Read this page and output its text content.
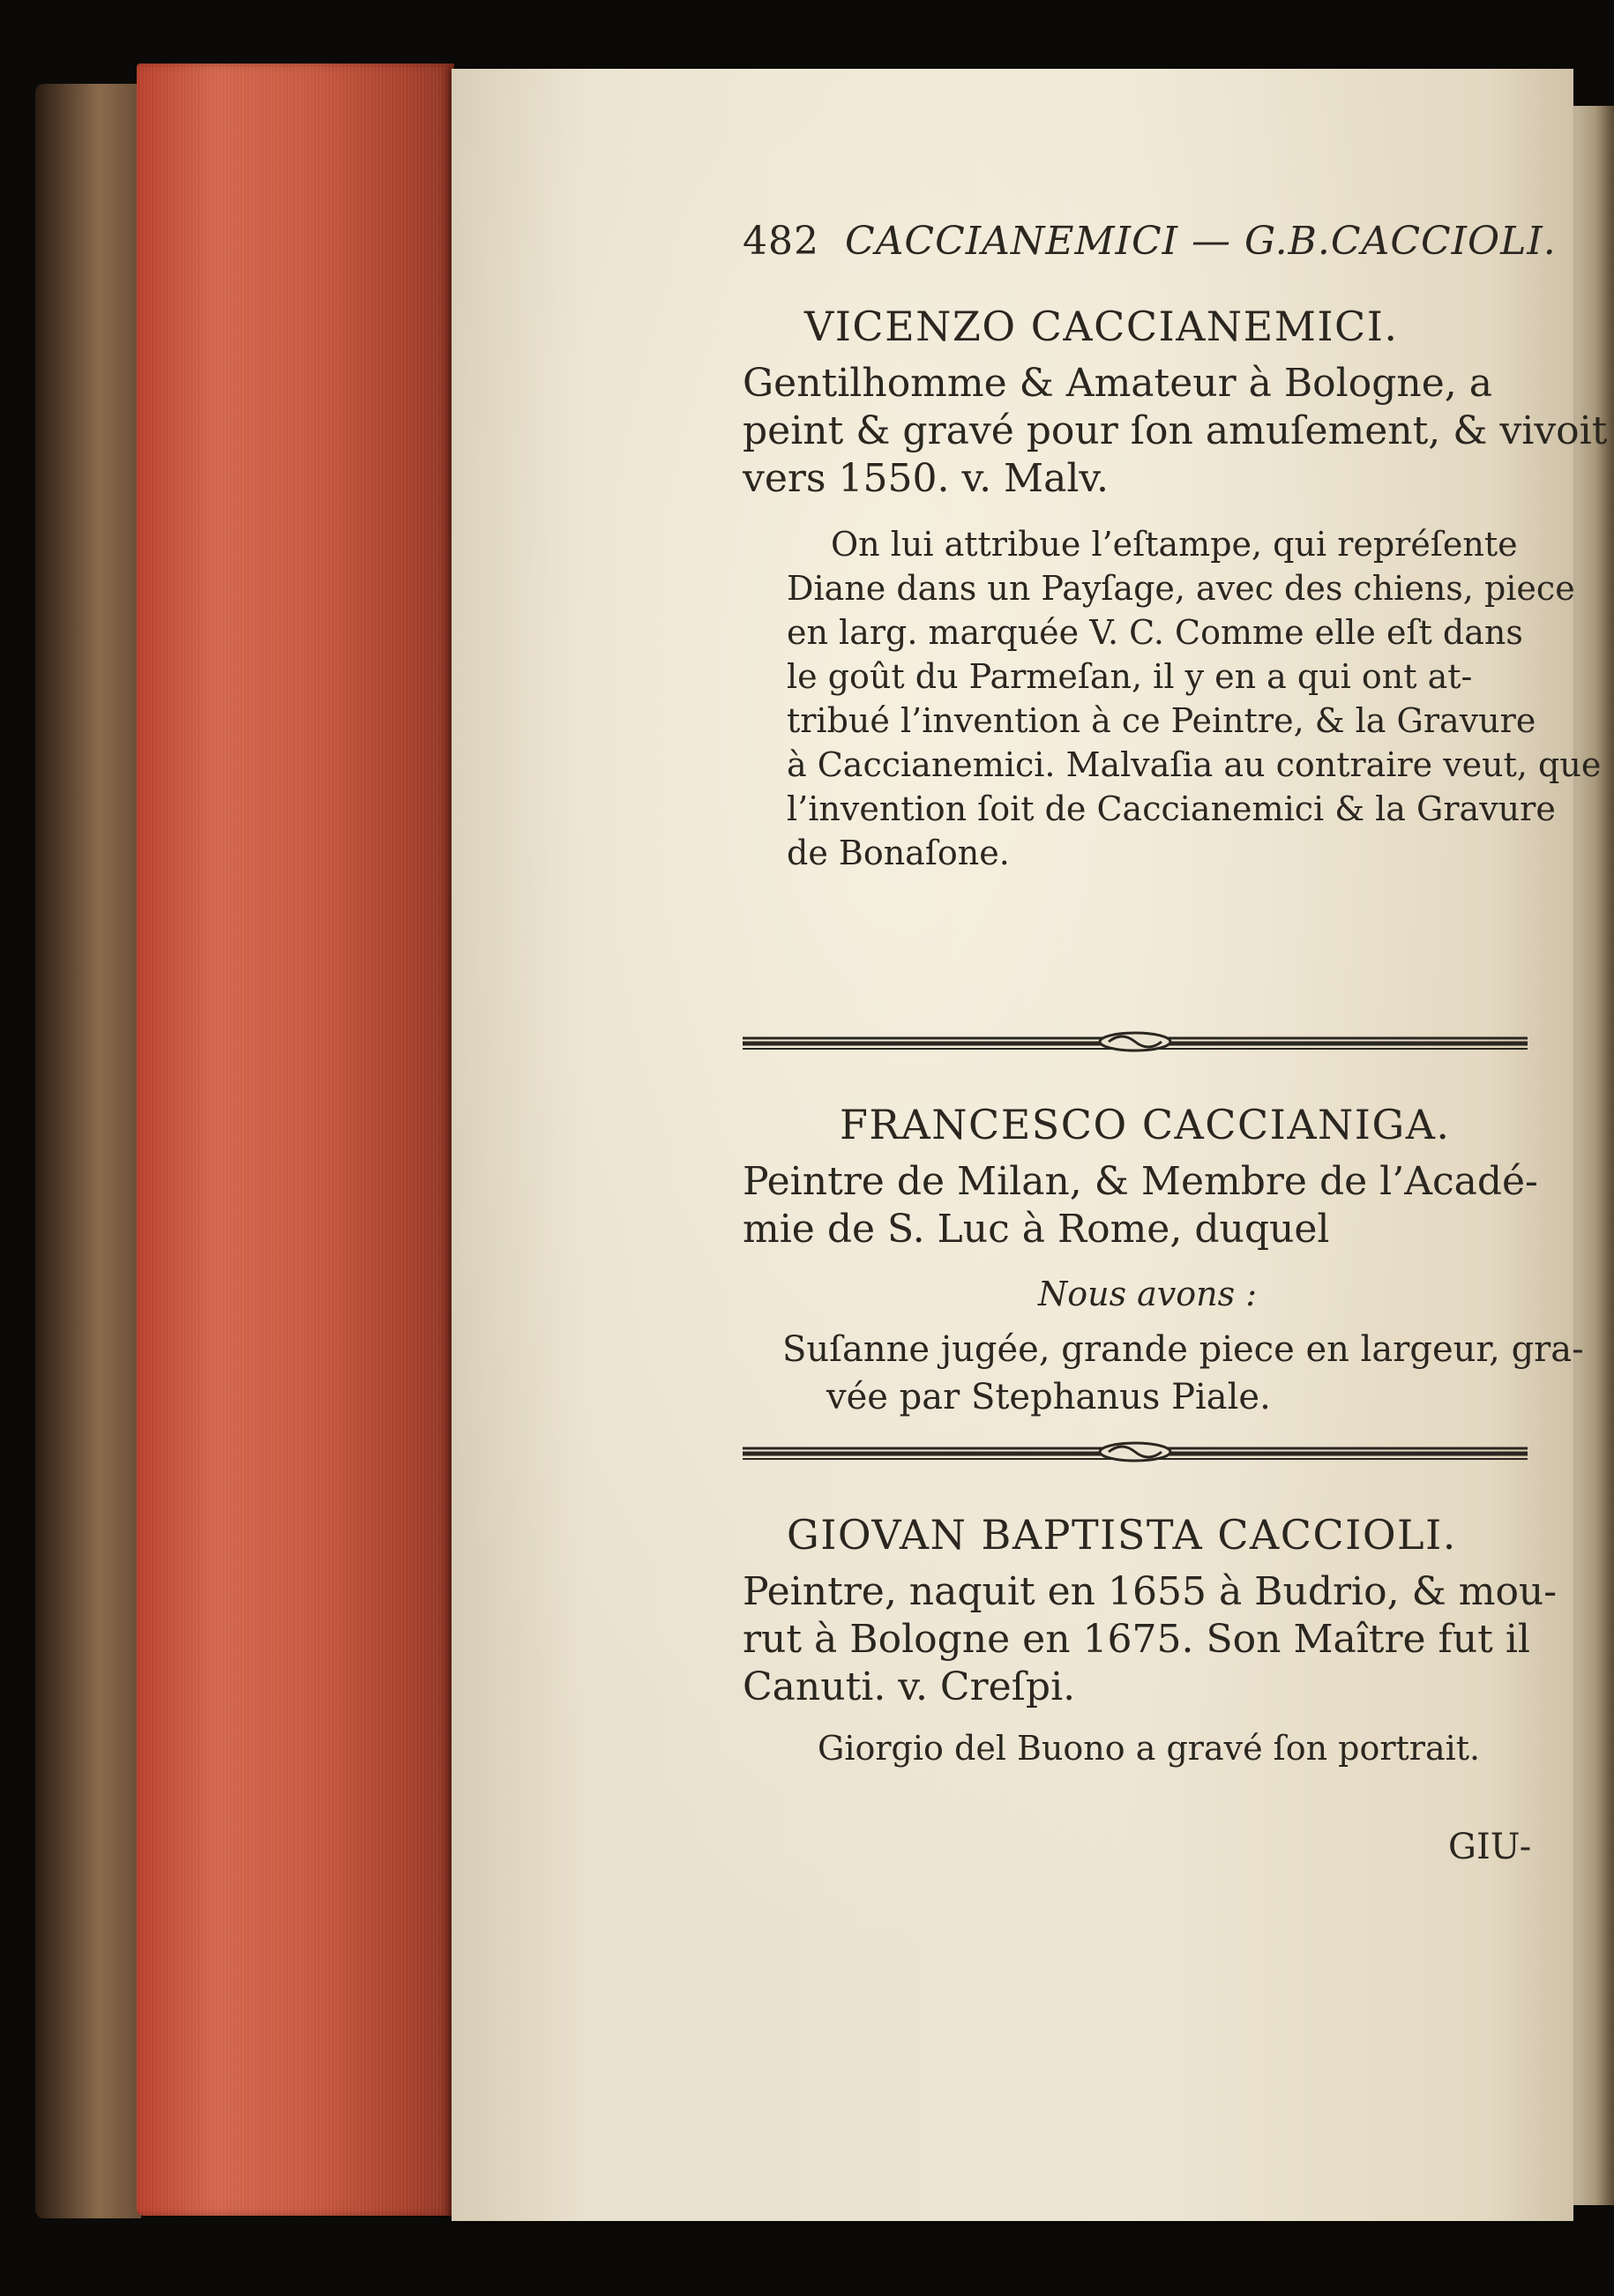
482 CACCIANEMICI — G.B.CACCIOLI.
VICENZO CACCIANEMICI.
Gentilhomme & Amateur à Bologne, a
peint & gravé pour ſon amuſement, & vivoit
vers 1550. v. Malv.
On lui attribue l’eſtampe, qui repréſente
Diane dans un Payſage, avec des chiens, piece
en larg. marquée V. C. Comme elle eſt dans
le goût du Parmeſan, il y en a qui ont at-
tribué l’invention à ce Peintre, & la Gravure
à Caccianemici. Malvaſia au contraire veut, que
l’invention ſoit de Caccianemici & la Gravure
de Bonaſone.
FRANCESCO CACCIANIGA.
Peintre de Milan, & Membre de l’Acadé-
mie de S. Luc à Rome, duquel
Nous avons :
Suſanne jugée, grande piece en largeur, gra-
vée par Stephanus Piale.
GIOVAN BAPTISTA CACCIOLI.
Peintre, naquit en 1655 à Budrio, & mou-
rut à Bologne en 1675. Son Maître fut il
Canuti. v. Creſpi.
Giorgio del Buono a gravé ſon portrait.
GIU-
